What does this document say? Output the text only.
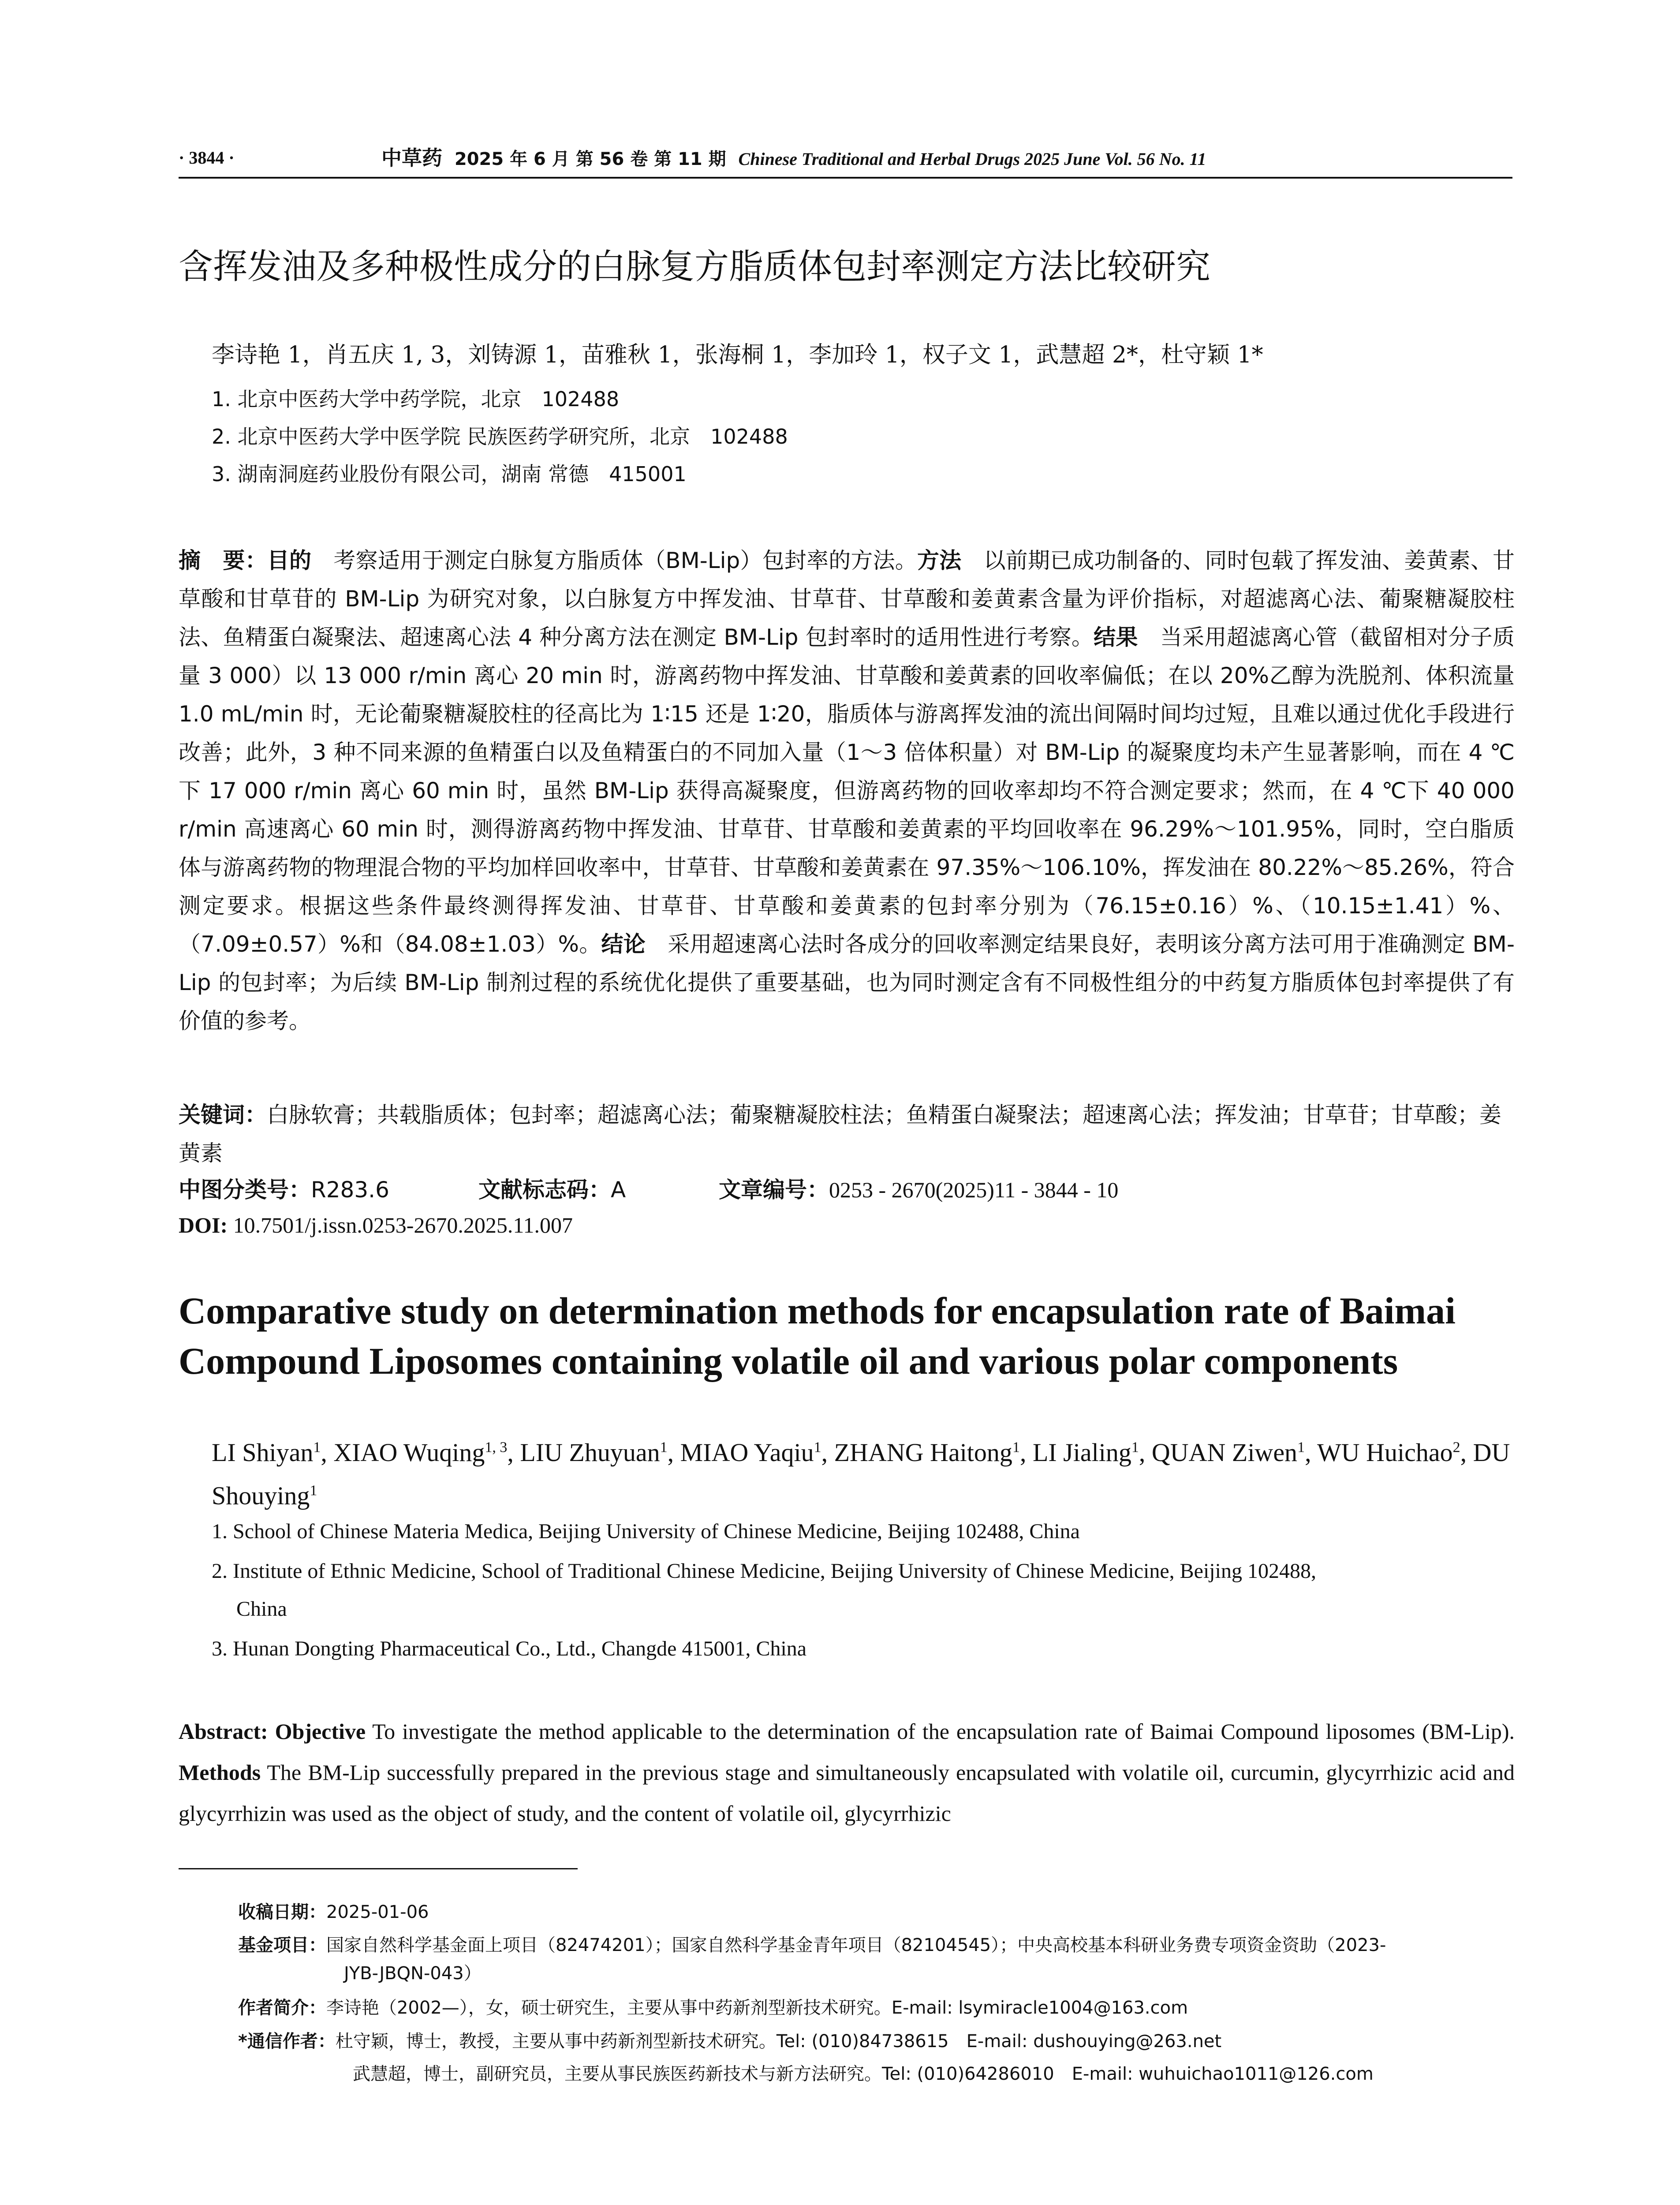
· 3844 ·	中草药 2025 年 6 月 第 56 卷 第 11 期 Chinese Traditional and Herbal Drugs 2025 June Vol. 56 No. 11
含挥发油及多种极性成分的白脉复方脂质体包封率测定方法比较研究
李诗艳 1，肖五庆 1, 3，刘铸源 1，苗雅秋 1，张海桐 1，李加玲 1，权子文 1，武慧超 2*，杜守颖 1*
1. 北京中医药大学中药学院，北京　102488
2. 北京中医药大学中医学院 民族医药学研究所，北京　102488
3. 湖南洞庭药业股份有限公司，湖南 常德　415001
摘　要：目的　考察适用于测定白脉复方脂质体（BM-Lip）包封率的方法。方法　以前期已成功制备的、同时包载了挥发油、姜黄素、甘草酸和甘草苷的 BM-Lip 为研究对象，以白脉复方中挥发油、甘草苷、甘草酸和姜黄素含量为评价指标，对超滤离心法、葡聚糖凝胶柱法、鱼精蛋白凝聚法、超速离心法 4 种分离方法在测定 BM-Lip 包封率时的适用性进行考察。结果　当采用超滤离心管（截留相对分子质量 3 000）以 13 000 r/min 离心 20 min 时，游离药物中挥发油、甘草酸和姜黄素的回收率偏低；在以 20%乙醇为洗脱剂、体积流量 1.0 mL/min 时，无论葡聚糖凝胶柱的径高比为 1∶15 还是 1∶20，脂质体与游离挥发油的流出间隔时间均过短，且难以通过优化手段进行改善；此外，3 种不同来源的鱼精蛋白以及鱼精蛋白的不同加入量（1～3 倍体积量）对 BM-Lip 的凝聚度均未产生显著影响，而在 4 ℃下 17 000 r/min 离心 60 min 时，虽然 BM-Lip 获得高凝聚度，但游离药物的回收率却均不符合测定要求；然而，在 4 ℃下 40 000 r/min 高速离心 60 min 时，测得游离药物中挥发油、甘草苷、甘草酸和姜黄素的平均回收率在 96.29%～101.95%，同时，空白脂质体与游离药物的物理混合物的平均加样回收率中，甘草苷、甘草酸和姜黄素在 97.35%～106.10%，挥发油在 80.22%～85.26%，符合测定要求。根据这些条件最终测得挥发油、甘草苷、甘草酸和姜黄素的包封率分别为（76.15±0.16）%、（10.15±1.41）%、（7.09±0.57）%和（84.08±1.03）%。结论　采用超速离心法时各成分的回收率测定结果良好，表明该分离方法可用于准确测定 BM-Lip 的包封率；为后续 BM-Lip 制剂过程的系统优化提供了重要基础，也为同时测定含有不同极性组分的中药复方脂质体包封率提供了有价值的参考。
关键词：白脉软膏；共载脂质体；包封率；超滤离心法；葡聚糖凝胶柱法；鱼精蛋白凝聚法；超速离心法；挥发油；甘草苷；甘草酸；姜黄素
中图分类号：R283.6	文献标志码：A	文章编号：0253 - 2670(2025)11 - 3844 - 10
DOI: 10.7501/j.issn.0253-2670.2025.11.007
Comparative study on determination methods for encapsulation rate of Baimai Compound Liposomes containing volatile oil and various polar components
LI Shiyan$^1$, XIAO Wuqing$^{1, 3}$, LIU Zhuyuan$^1$, MIAO Yaqiu$^1$, ZHANG Haitong$^1$, LI Jialing$^1$, QUAN Ziwen$^1$, WU Huichao$^2$, DU Shouying$^1$
1. School of Chinese Materia Medica, Beijing University of Chinese Medicine, Beijing 102488, China
2. Institute of Ethnic Medicine, School of Traditional Chinese Medicine, Beijing University of Chinese Medicine, Beijing 102488,
China
3. Hunan Dongting Pharmaceutical Co., Ltd., Changde 415001, China
Abstract: Objective To investigate the method applicable to the determination of the encapsulation rate of Baimai Compound liposomes (BM-Lip). Methods The BM-Lip successfully prepared in the previous stage and simultaneously encapsulated with volatile oil, curcumin, glycyrrhizic acid and glycyrrhizin was used as the object of study, and the content of volatile oil, glycyrrhizic
收稿日期：2025-01-06
基金项目：国家自然科学基金面上项目（82474201）；国家自然科学基金青年项目（82104545）；中央高校基本科研业务费专项资金资助（2023-
JYB-JBQN-043）
作者简介：李诗艳（2002—），女，硕士研究生，主要从事中药新剂型新技术研究。E-mail: lsymiracle1004@163.com
*通信作者：杜守颖，博士，教授，主要从事中药新剂型新技术研究。Tel: (010)84738615　E-mail: dushouying@263.net
武慧超，博士，副研究员，主要从事民族医药新技术与新方法研究。Tel: (010)64286010　E-mail: wuhuichao1011@126.com
